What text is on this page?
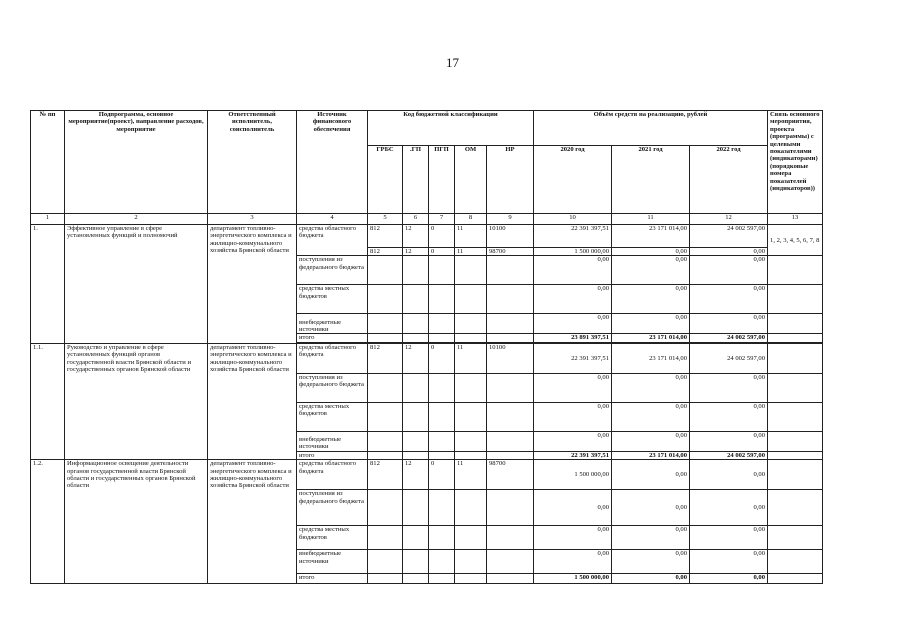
17
№ пп	Подпрограмма, основное мероприятие(проект), направление расходов, мероприятие	Ответственный исполнитель, соисполнитель	Источник финансового обеспечения	Код бюджетной классификации					Объём средств на реализацию, рублей			Связь основного мероприятия, проекта (программы) с целевыми показателями (индикаторами) (порядковые номера показателей (индикаторов))
				ГРБС	.ГП	ПГП	ОМ	НР	2020 год	2021 год	2022 год	
1	2	3	4	5	6	7	8	9	10	11	12	13
1.	Эффективное управление в сфере установленных функций и полномочий	департамент топливно-энергетического комплекса и жилищно-коммунального хозяйства Брянской области	средства областного бюджета	812	12	0	11	10100	22 391 397,51	23 171 014,00	24 002 597,00	1, 2, 3, 4, 5, 6, 7, 8
				812	12	0	11	98700	1 500 000,00	0,00	0,00	
			поступления из федерального бюджета						0,00	0,00	0,00	
			средства местных бюджетов						0,00	0,00	0,00	
			внебюджетные источники						0,00	0,00	0,00	
			итого						23 891 397,51	23 171 014,00	24 002 597,00	

1.1.	Руководство и управление в сфере установленных функций органов государственной власти Брянской области и государственных органов Брянской области	департамент топливно-энергетического комплекса и жилищно-коммунального хозяйства Брянской области	средства областного бюджета	812	12	0	11	10100	22 391 397,51	23 171 014,00	24 002 597,00	
			поступления из федерального бюджета						0,00	0,00	0,00	
			средства местных бюджетов						0,00	0,00	0,00	
			внебюджетные источники						0,00	0,00	0,00	
			итого						22 391 397,51	23 171 014,00	24 002 597,00	
1.2.	Информационное освещение деятельности органов государственной власти Брянской области и государственных органов Брянской области	департамент топливно-энергетического комплекса и жилищно-коммунального хозяйства Брянской области	средства областного бюджета	812	12	0	11	98700	1 500 000,00	0,00	0,00	
			поступления из федерального бюджета						0,00	0,00	0,00	
			средства местных бюджетов						0,00	0,00	0,00	
			внебюджетные источники						0,00	0,00	0,00	
			итого						1 500 000,00	0,00	0,00	
